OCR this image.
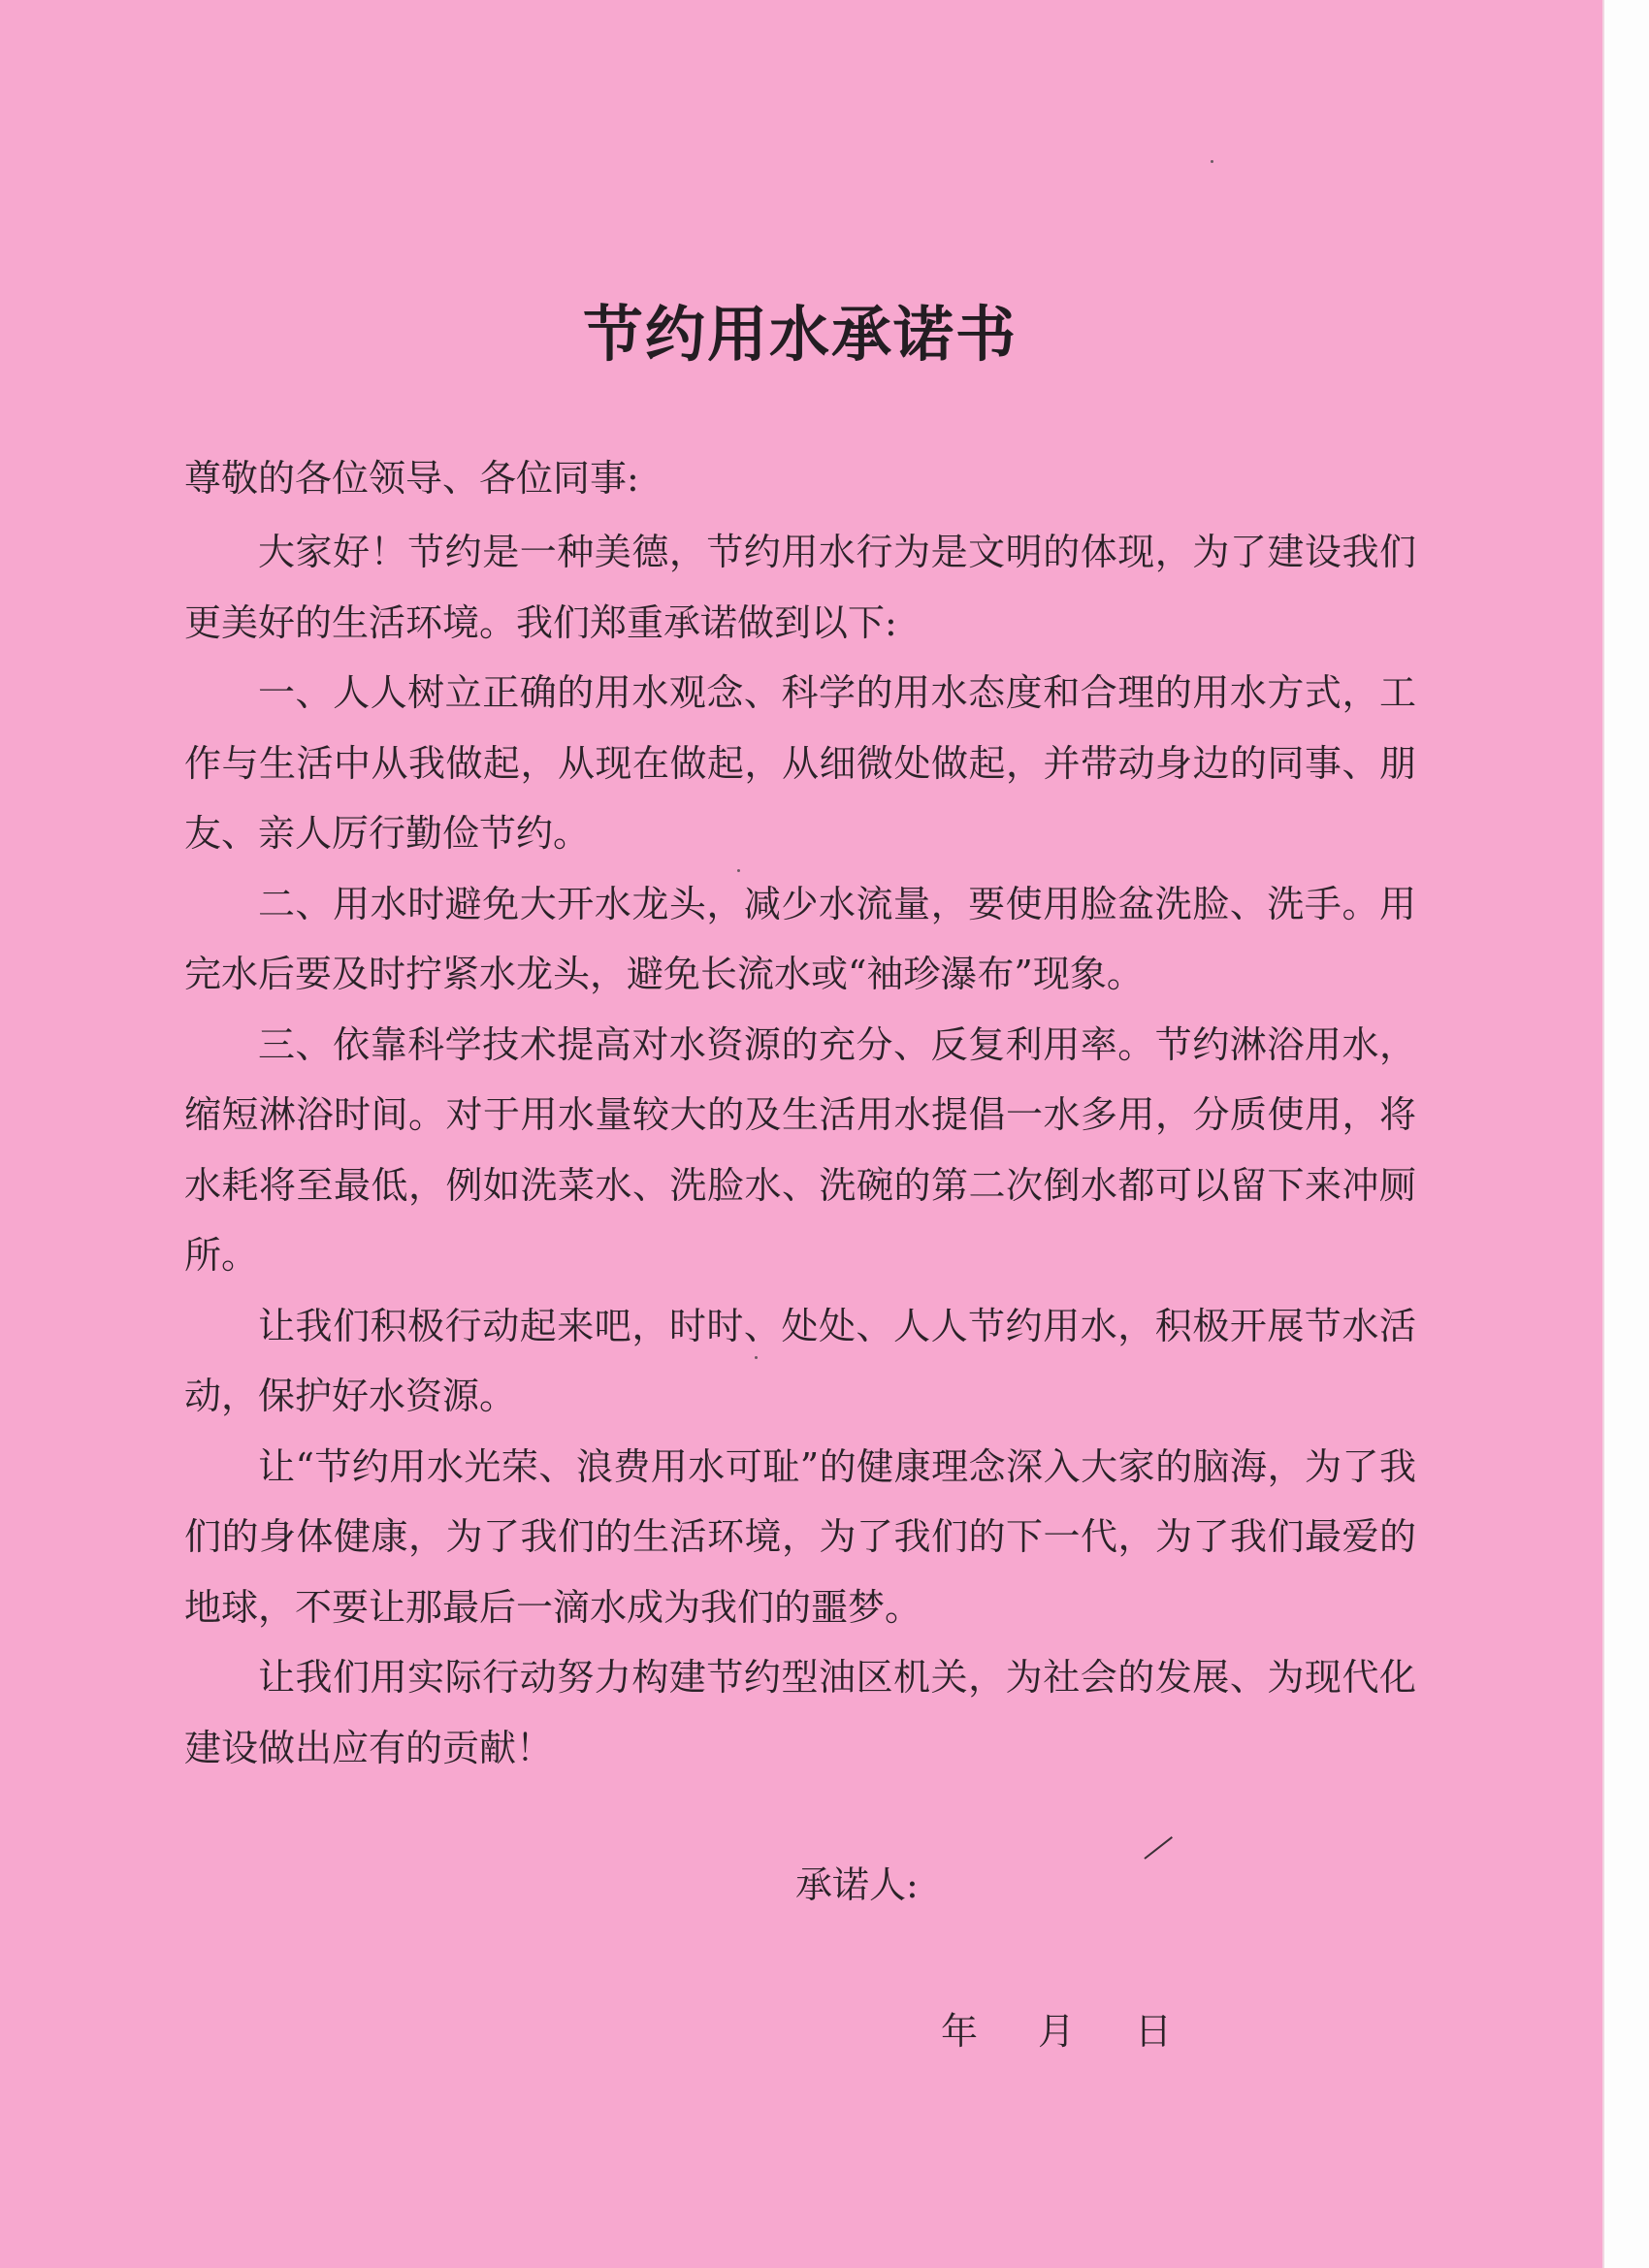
节约用水承诺书

尊敬的各位领导、各位同事:

大家好！节约是一种美德，节约用水行为是文明的体现，为了建设我们更美好的生活环境。我们郑重承诺做到以下:

一、人人树立正确的用水观念、科学的用水态度和合理的用水方式，工作与生活中从我做起，从现在做起，从细微处做起，并带动身边的同事、朋友、亲人厉行勤俭节约。

二、用水时避免大开水龙头，减少水流量，要使用脸盆洗脸、洗手。用完水后要及时拧紧水龙头，避免长流水或“袖珍瀑布”现象。

三、依靠科学技术提高对水资源的充分、反复利用率。节约淋浴用水，缩短淋浴时间。对于用水量较大的及生活用水提倡一水多用，分质使用，将水耗将至最低，例如洗菜水、洗脸水、洗碗的第二次倒水都可以留下来冲厕所。

让我们积极行动起来吧，时时、处处、人人节约用水，积极开展节水活动，保护好水资源。

让“节约用水光荣、浪费用水可耻”的健康理念深入大家的脑海，为了我们的身体健康，为了我们的生活环境，为了我们的下一代，为了我们最爱的地球，不要让那最后一滴水成为我们的噩梦。

让我们用实际行动努力构建节约型油区机关，为社会的发展、为现代化建设做出应有的贡献！

承诺人:
年 月 日
